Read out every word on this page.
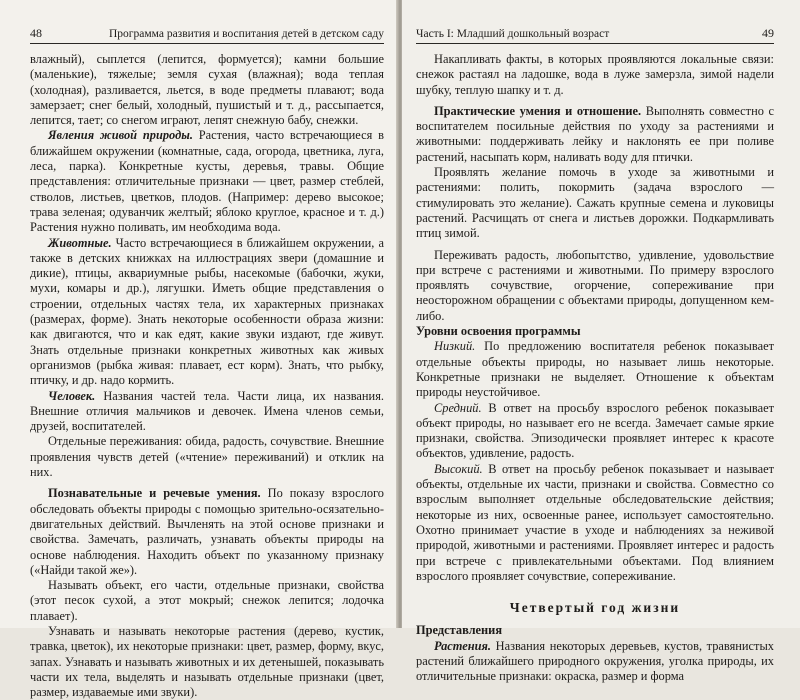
48	Программа развития и воспитания детей в детском саду

влажный), сыплется (лепится, формуется); камни большие (маленькие), тяжелые; земля сухая (влажная); вода теплая (холодная), разливается, льется, в воде предметы плавают; вода замерзает; снег белый, холодный, пушистый и т. д., рассыпается, лепится, тает; со снегом играют, лепят снежную бабу, снежки.

Явления живой природы. Растения, часто встречающиеся в ближайшем окружении (комнатные, сада, огорода, цветника, луга, леса, парка). Конкретные кусты, деревья, травы. Общие представления: отличительные признаки — цвет, размер стеблей, стволов, листьев, цветков, плодов. (Например: дерево высокое; трава зеленая; одуванчик желтый; яблоко круглое, красное и т. д.) Растения нужно поливать, им необходима вода.

Животные. Часто встречающиеся в ближайшем окружении, а также в детских книжках на иллюстрациях звери (домашние и дикие), птицы, аквариумные рыбы, насекомые (бабочки, жуки, мухи, комары и др.), лягушки. Иметь общие представления о строении, отдельных частях тела, их характерных признаках (размерах, форме). Знать некоторые особенности образа жизни: как двигаются, что и как едят, какие звуки издают, где живут. Знать отдельные признаки конкретных животных как живых организмов (рыбка живая: плавает, ест корм). Знать, что рыбку, птичку, и др. надо кормить.

Человек. Названия частей тела. Части лица, их названия. Внешние отличия мальчиков и девочек. Имена членов семьи, друзей, воспитателей.

Отдельные переживания: обида, радость, сочувствие. Внешние проявления чувств детей («чтение» переживаний) и отклик на них.

Познавательные и речевые умения. По показу взрослого обследовать объекты природы с помощью зрительно-осязательно-двигательных действий. Вычленять на этой основе признаки и свойства. Замечать, различать, узнавать объекты природы на основе наблюдения. Находить объект по указанному признаку («Найди такой же»).

Называть объект, его части, отдельные признаки, свойства (этот песок сухой, а этот мокрый; снежок лепится; лодочка плавает).

Узнавать и называть некоторые растения (дерево, кустик, травка, цветок), их некоторые признаки: цвет, размер, форму, вкус, запах. Узнавать и называть животных и их детенышей, показывать части их тела, выделять и называть отдельные признаки (цвет, размер, издаваемые ими звуки).

Часть I: Младший дошкольный возраст	49

Накапливать факты, в которых проявляются локальные связи: снежок растаял на ладошке, вода в луже замерзла, зимой надели шубку, теплую шапку и т. д.

Практические умения и отношение. Выполнять совместно с воспитателем посильные действия по уходу за растениями и животными: поддерживать лейку и наклонять ее при поливе растений, насыпать корм, наливать воду для птички.

Проявлять желание помочь в уходе за животными и растениями: полить, покормить (задача взрослого — стимулировать это желание). Сажать крупные семена и луковицы растений. Расчищать от снега и листьев дорожки. Подкармливать птиц зимой.

Переживать радость, любопытство, удивление, удовольствие при встрече с растениями и животными. По примеру взрослого проявлять сочувствие, огорчение, сопереживание при неосторожном обращении с объектами природы, допущенном кем-либо.

Уровни освоения программы

Низкий. По предложению воспитателя ребенок показывает отдельные объекты природы, но называет лишь некоторые. Конкретные признаки не выделяет. Отношение к объектам природы неустойчивое.

Средний. В ответ на просьбу взрослого ребенок показывает объект природы, но называет его не всегда. Замечает самые яркие признаки, свойства. Эпизодически проявляет интерес к красоте объектов, удивление, радость.

Высокий. В ответ на просьбу ребенок показывает и называет объекты, отдельные их части, признаки и свойства. Совместно со взрослым выполняет отдельные обследовательские действия; некоторые из них, освоенные ранее, использует самостоятельно. Охотно принимает участие в уходе и наблюдениях за неживой природой, животными и растениями. Проявляет интерес и радость при встрече с привлекательными объектами. Под влиянием взрослого проявляет сочувствие, сопереживание.

Четвертый год жизни

Представления

Растения. Названия некоторых деревьев, кустов, травянистых растений ближайшего природного окружения, уголка природы, их отличительные признаки: окраска, размер и форма
